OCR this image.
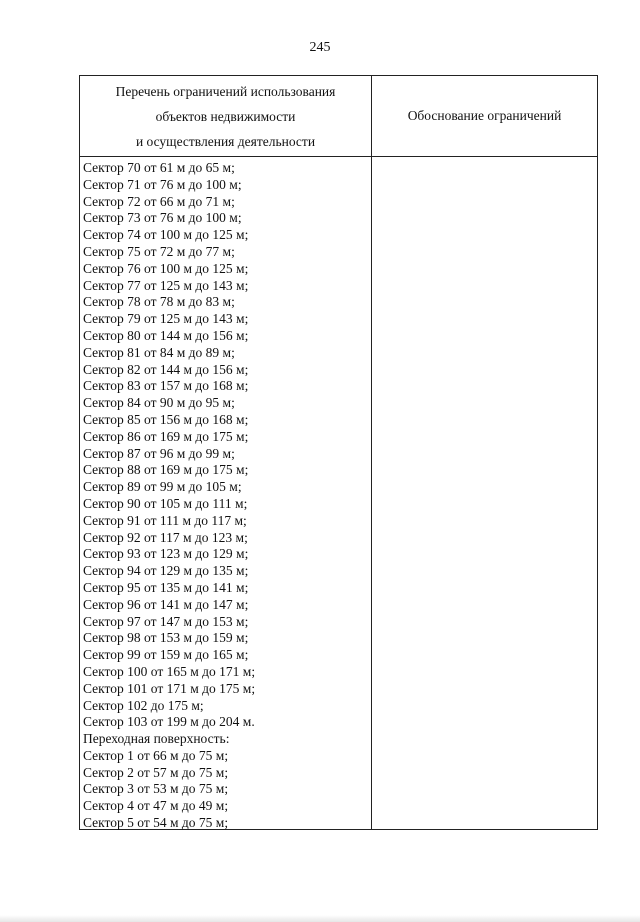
245
Перечень ограничений использования
объектов недвижимости
и осуществления деятельности
Обоснование ограничений
Сектор 70 от 61 м до 65 м;
Сектор 71 от 76 м до 100 м;
Сектор 72 от 66 м до 71 м;
Сектор 73 от 76 м до 100 м;
Сектор 74 от 100 м до 125 м;
Сектор 75 от 72 м до 77 м;
Сектор 76 от 100 м до 125 м;
Сектор 77 от 125 м до 143 м;
Сектор 78 от 78 м до 83 м;
Сектор 79 от 125 м до 143 м;
Сектор 80 от 144 м до 156 м;
Сектор 81 от 84 м до 89 м;
Сектор 82 от 144 м до 156 м;
Сектор 83 от 157 м до 168 м;
Сектор 84 от 90 м до 95 м;
Сектор 85 от 156 м до 168 м;
Сектор 86 от 169 м до 175 м;
Сектор 87 от 96 м до 99 м;
Сектор 88 от 169 м до 175 м;
Сектор 89 от 99 м до 105 м;
Сектор 90 от 105 м до 111 м;
Сектор 91 от 111 м до 117 м;
Сектор 92 от 117 м до 123 м;
Сектор 93 от 123 м до 129 м;
Сектор 94 от 129 м до 135 м;
Сектор 95 от 135 м до 141 м;
Сектор 96 от 141 м до 147 м;
Сектор 97 от 147 м до 153 м;
Сектор 98 от 153 м до 159 м;
Сектор 99 от 159 м до 165 м;
Сектор 100 от 165 м до 171 м;
Сектор 101 от 171 м до 175 м;
Сектор 102 до 175 м;
Сектор 103 от 199 м до 204 м.
Переходная поверхность:
Сектор 1 от 66 м до 75 м;
Сектор 2 от 57 м до 75 м;
Сектор 3 от 53 м до 75 м;
Сектор 4 от 47 м до 49 м;
Сектор 5 от 54 м до 75 м;
